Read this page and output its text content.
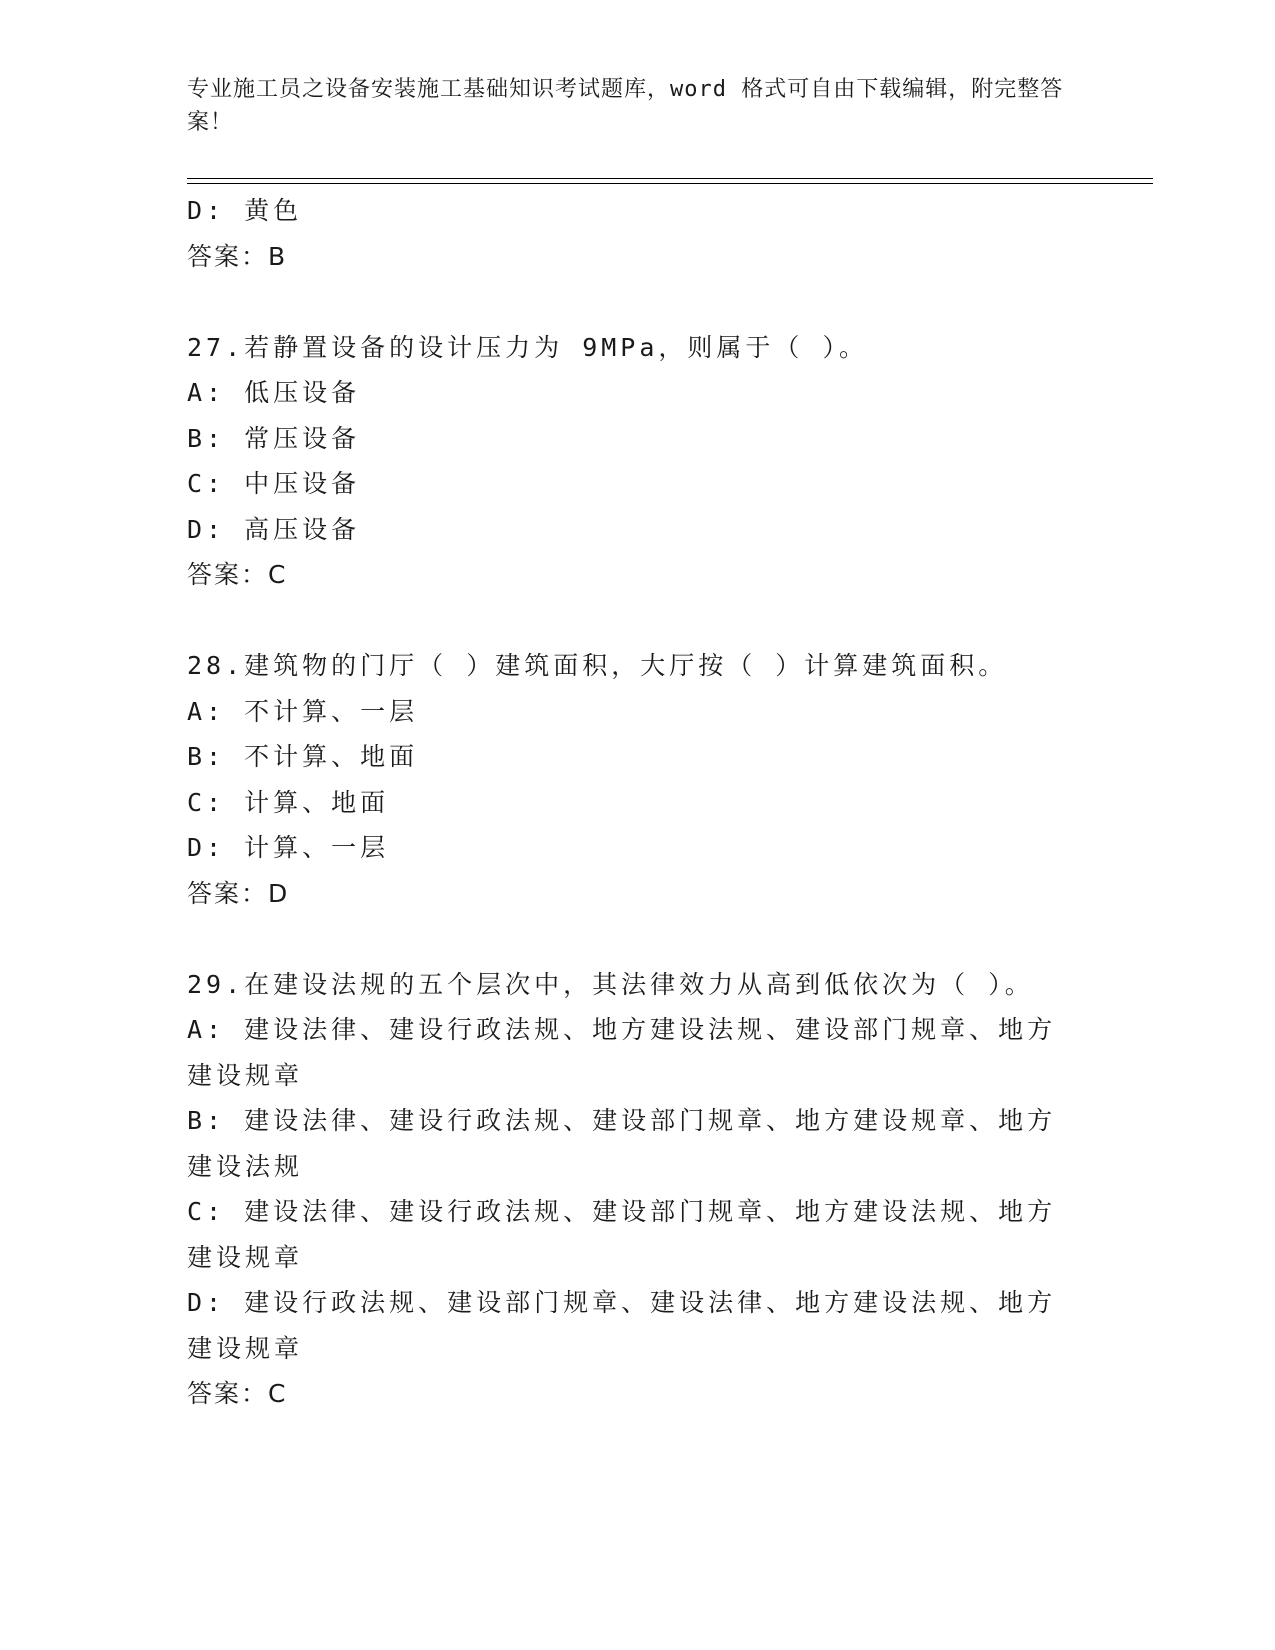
专业施工员之设备安装施工基础知识考试题库，word 格式可自由下载编辑，附完整答案！
D: 黄色
答案：B
27.若静置设备的设计压力为 9MPa，则属于（ ）。
A: 低压设备
B: 常压设备
C: 中压设备
D: 高压设备
答案：C
28.建筑物的门厅（ ）建筑面积，大厅按（ ）计算建筑面积。
A: 不计算、一层
B: 不计算、地面
C: 计算、地面
D: 计算、一层
答案：D
29.在建设法规的五个层次中，其法律效力从高到低依次为（ ）。
A: 建设法律、建设行政法规、地方建设法规、建设部门规章、地方建设规章
B: 建设法律、建设行政法规、建设部门规章、地方建设规章、地方建设法规
C: 建设法律、建设行政法规、建设部门规章、地方建设法规、地方建设规章
D: 建设行政法规、建设部门规章、建设法律、地方建设法规、地方建设规章
答案：C
